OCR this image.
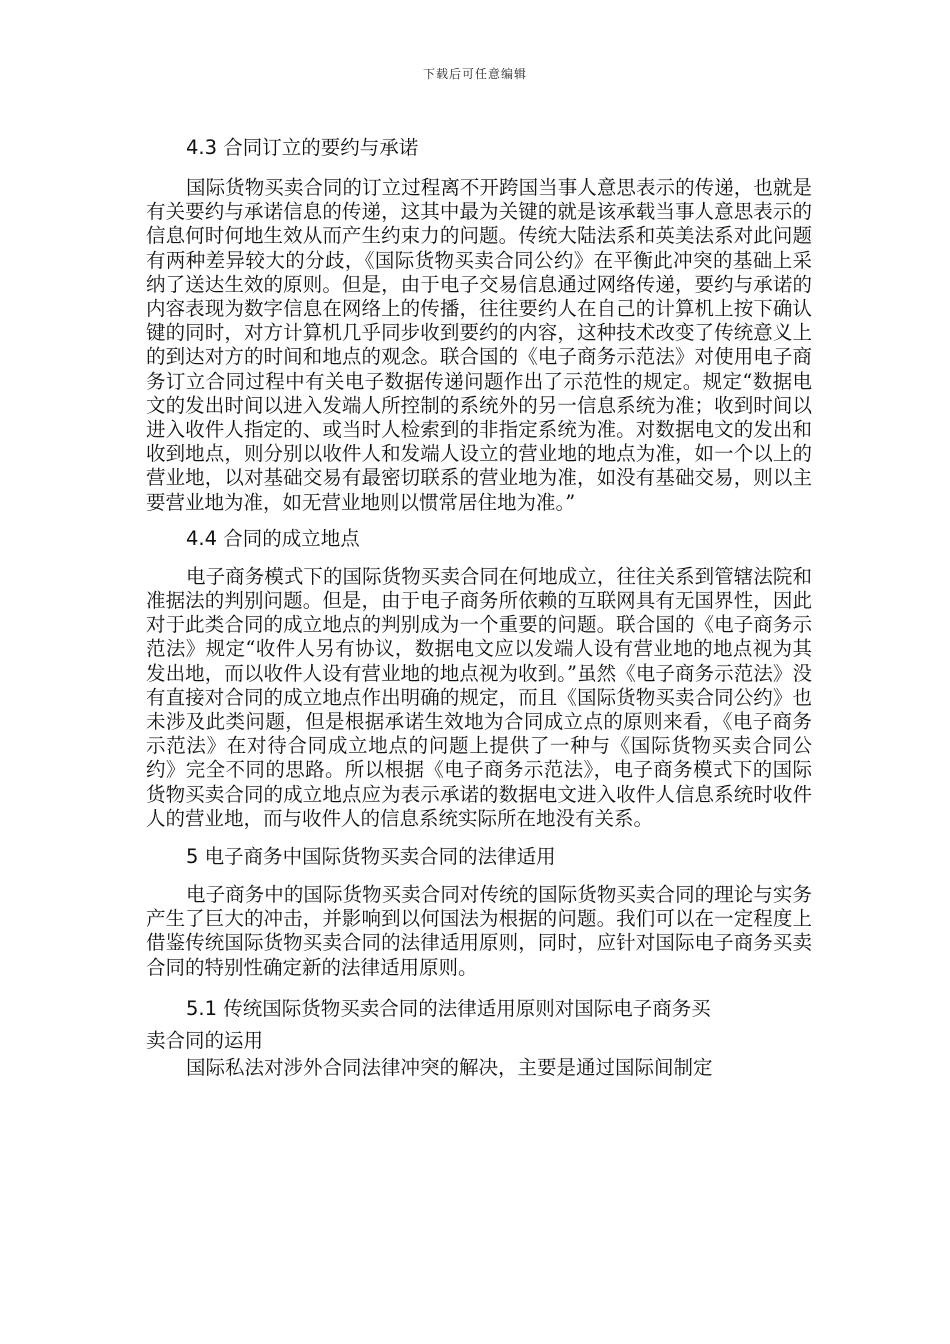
下载后可任意编辑
4.3 合同订立的要约与承诺

国际货物买卖合同的订立过程离不开跨国当事人意思表示的传递，也就是有关要约与承诺信息的传递，这其中最为关键的就是该承载当事人意思表示的信息何时何地生效从而产生约束力的问题。传统大陆法系和英美法系对此问题有两种差异较大的分歧，《国际货物买卖合同公约》在平衡此冲突的基础上采纳了送达生效的原则。但是，由于电子交易信息通过网络传递，要约与承诺的内容表现为数字信息在网络上的传播，往往要约人在自己的计算机上按下确认键的同时，对方计算机几乎同步收到要约的内容，这种技术改变了传统意义上的到达对方的时间和地点的观念。联合国的《电子商务示范法》对使用电子商务订立合同过程中有关电子数据传递问题作出了示范性的规定。规定“数据电文的发出时间以进入发端人所控制的系统外的另一信息系统为准；收到时间以进入收件人指定的、或当时人检索到的非指定系统为准。对数据电文的发出和收到地点，则分别以收件人和发端人设立的营业地的地点为准，如一个以上的营业地，以对基础交易有最密切联系的营业地为准，如没有基础交易，则以主要营业地为准，如无营业地则以惯常居住地为准。”

4.4 合同的成立地点

电子商务模式下的国际货物买卖合同在何地成立，往往关系到管辖法院和准据法的判别问题。但是，由于电子商务所依赖的互联网具有无国界性，因此对于此类合同的成立地点的判别成为一个重要的问题。联合国的《电子商务示范法》规定“收件人另有协议，数据电文应以发端人设有营业地的地点视为其发出地，而以收件人设有营业地的地点视为收到。”虽然《电子商务示范法》没有直接对合同的成立地点作出明确的规定，而且《国际货物买卖合同公约》也未涉及此类问题，但是根据承诺生效地为合同成立点的原则来看，《电子商务示范法》在对待合同成立地点的问题上提供了一种与《国际货物买卖合同公约》完全不同的思路。所以根据《电子商务示范法》，电子商务模式下的国际货物买卖合同的成立地点应为表示承诺的数据电文进入收件人信息系统时收件人的营业地，而与收件人的信息系统实际所在地没有关系。

5 电子商务中国际货物买卖合同的法律适用

电子商务中的国际货物买卖合同对传统的国际货物买卖合同的理论与实务产生了巨大的冲击，并影响到以何国法为根据的问题。我们可以在一定程度上借鉴传统国际货物买卖合同的法律适用原则，同时，应针对国际电子商务买卖合同的特别性确定新的法律适用原则。

5.1 传统国际货物买卖合同的法律适用原则对国际电子商务买
卖合同的运用

国际私法对涉外合同法律冲突的解决，主要是通过国际间制定
